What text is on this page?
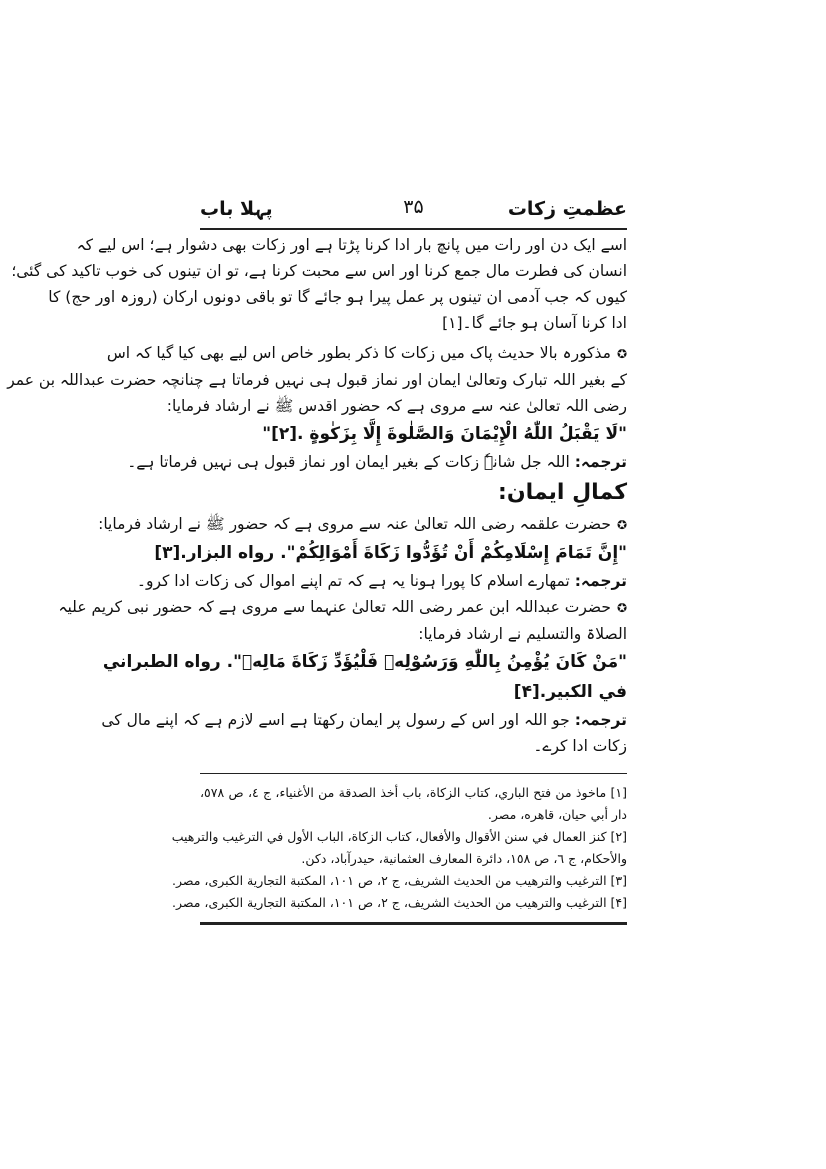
عظمتِ زکات
۳۵
پہلا باب
اسے ایک دن اور رات میں پانچ بار ادا کرنا پڑتا ہے اور زکات بھی دشوار ہے؛ اس لیے کہ
انسان کی فطرت مال جمع کرنا اور اس سے محبت کرنا ہے، تو ان تینوں کی خوب تاکید کی گئی؛
کیوں کہ جب آدمی ان تینوں پر عمل پیرا ہو جائے گا تو باقی دونوں ارکان (روزہ اور حج) کا
ادا کرنا آسان ہو جائے گا۔[۱]
✪مذکورہ بالا حدیث پاک میں زکات کا ذکر بطور خاص اس لیے بھی کیا گیا کہ اس
کے بغیر اللہ تبارک وتعالیٰ ایمان اور نماز قبول ہی نہیں فرماتا ہے چنانچہ حضرت عبداللہ بن عمر
رضی اللہ تعالیٰ عنہ سے مروی ہے کہ حضور اقدس ﷺ نے ارشاد فرمایا:
"لَا يَقْبَلُ اللّٰهُ الْإِيْمَانَ وَالصَّلٰوةَ إِلَّا بِزَكٰوةٍ .[۲]"
ترجمہ: اللہ جل شانہٗ زکات کے بغیر ایمان اور نماز قبول ہی نہیں فرماتا ہے۔
کمالِ ایمان:
✪حضرت علقمہ رضی اللہ تعالیٰ عنہ سے مروی ہے کہ حضور ﷺ نے ارشاد فرمایا:
"إِنَّ تَمَامَ إِسْلَامِكُمْ أَنْ تُؤَدُّوا زَكَاةَ أَمْوَالِكُمْ". رواه البزار.[۳]
ترجمہ: تمھارے اسلام کا پورا ہونا یہ ہے کہ تم اپنے اموال کی زکات ادا کرو۔
✪حضرت عبداللہ ابن عمر رضی اللہ تعالیٰ عنہما سے مروی ہے کہ حضور نبی کریم علیہ
الصلاۃ والتسلیم نے ارشاد فرمایا:
"مَنْ كَانَ يُؤْمِنُ بِاللّٰهِ وَرَسُوْلِهٖ فَلْيُؤَدِّ زَكَاةَ مَالِهٖ". رواه الطبراني
في الكبير.[۴]
ترجمہ: جو اللہ اور اس کے رسول پر ایمان رکھتا ہے اسے لازم ہے کہ اپنے مال کی
زکات ادا کرے۔
[۱] ماخوذ من فتح الباري، كتاب الزكاة، باب أخذ الصدقة من الأغنياء، ج ٤، ص ٥٧٨،
دار أبي حيان، قاهره، مصر.
[۲] كنز العمال في سنن الأقوال والأفعال، كتاب الزكاة، الباب الأول في الترغيب والترهيب
والأحكام، ج ٦، ص ١٥٨، دائرة المعارف العثمانية، حيدرآباد، دكن.
[۳] الترغيب والترهيب من الحديث الشريف، ج ٢، ص ١٠١، المكتبة التجارية الكبرى، مصر.
[۴] الترغيب والترهيب من الحديث الشريف، ج ٢، ص ١٠١، المكتبة التجارية الكبرى، مصر.
